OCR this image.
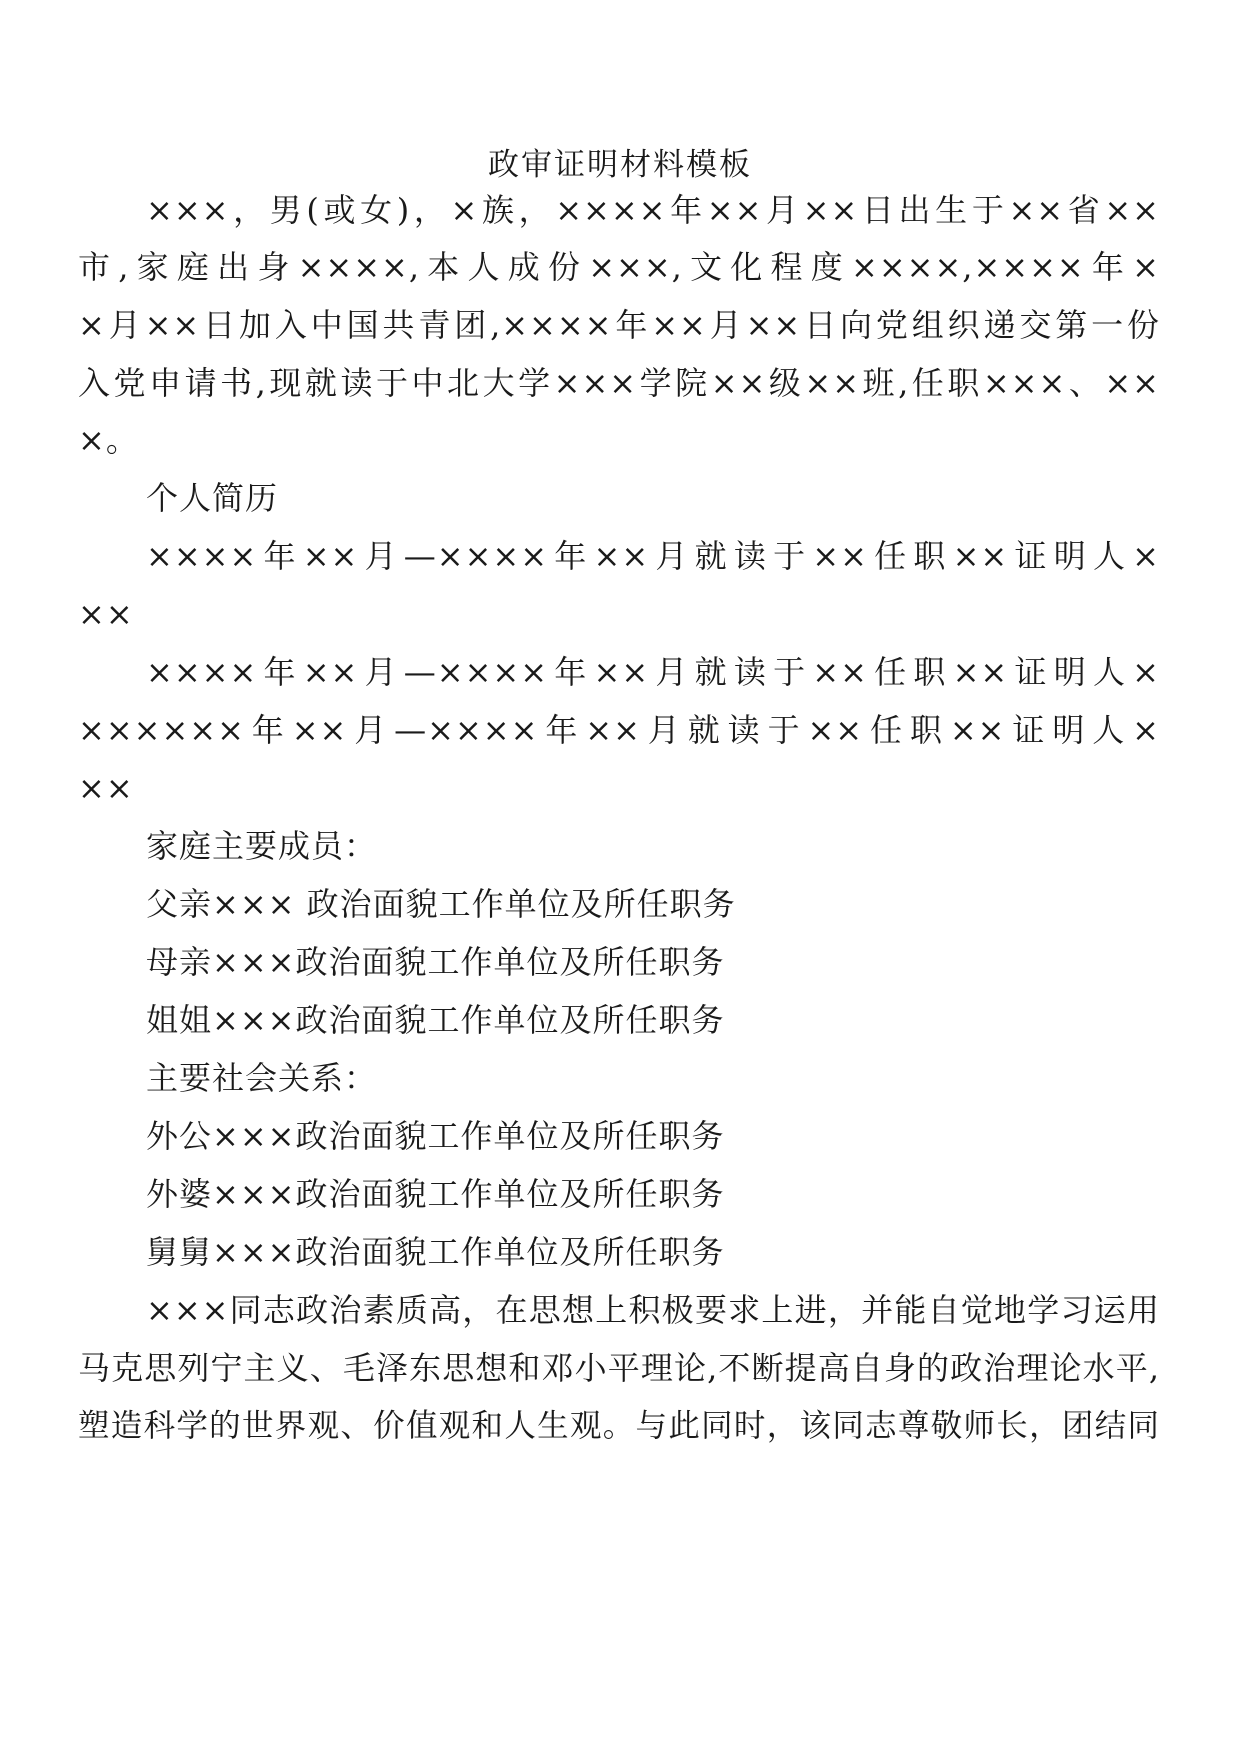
政审证明材料模板
×××，男(或女)，×族，××××年××月××日出生于××省××
市,家庭出身××××,本人成份×××,文化程度××××,××××年×
×月××日加入中国共青团,××××年××月××日向党组织递交第一份
入党申请书,现就读于中北大学×××学院××级××班,任职×××、××
×。
个人简历
××××年××月—××××年××月就读于××任职××证明人×
××
××××年××月—××××年××月就读于××任职××证明人×
××××××年××月—××××年××月就读于××任职××证明人×
××
家庭主要成员：
父亲××× 政治面貌工作单位及所任职务
母亲×××政治面貌工作单位及所任职务
姐姐×××政治面貌工作单位及所任职务
主要社会关系：
外公×××政治面貌工作单位及所任职务
外婆×××政治面貌工作单位及所任职务
舅舅×××政治面貌工作单位及所任职务
×××同志政治素质高，在思想上积极要求上进，并能自觉地学习运用
马克思列宁主义、毛泽东思想和邓小平理论,不断提高自身的政治理论水平,
塑造科学的世界观、价值观和人生观。与此同时，该同志尊敬师长，团结同
